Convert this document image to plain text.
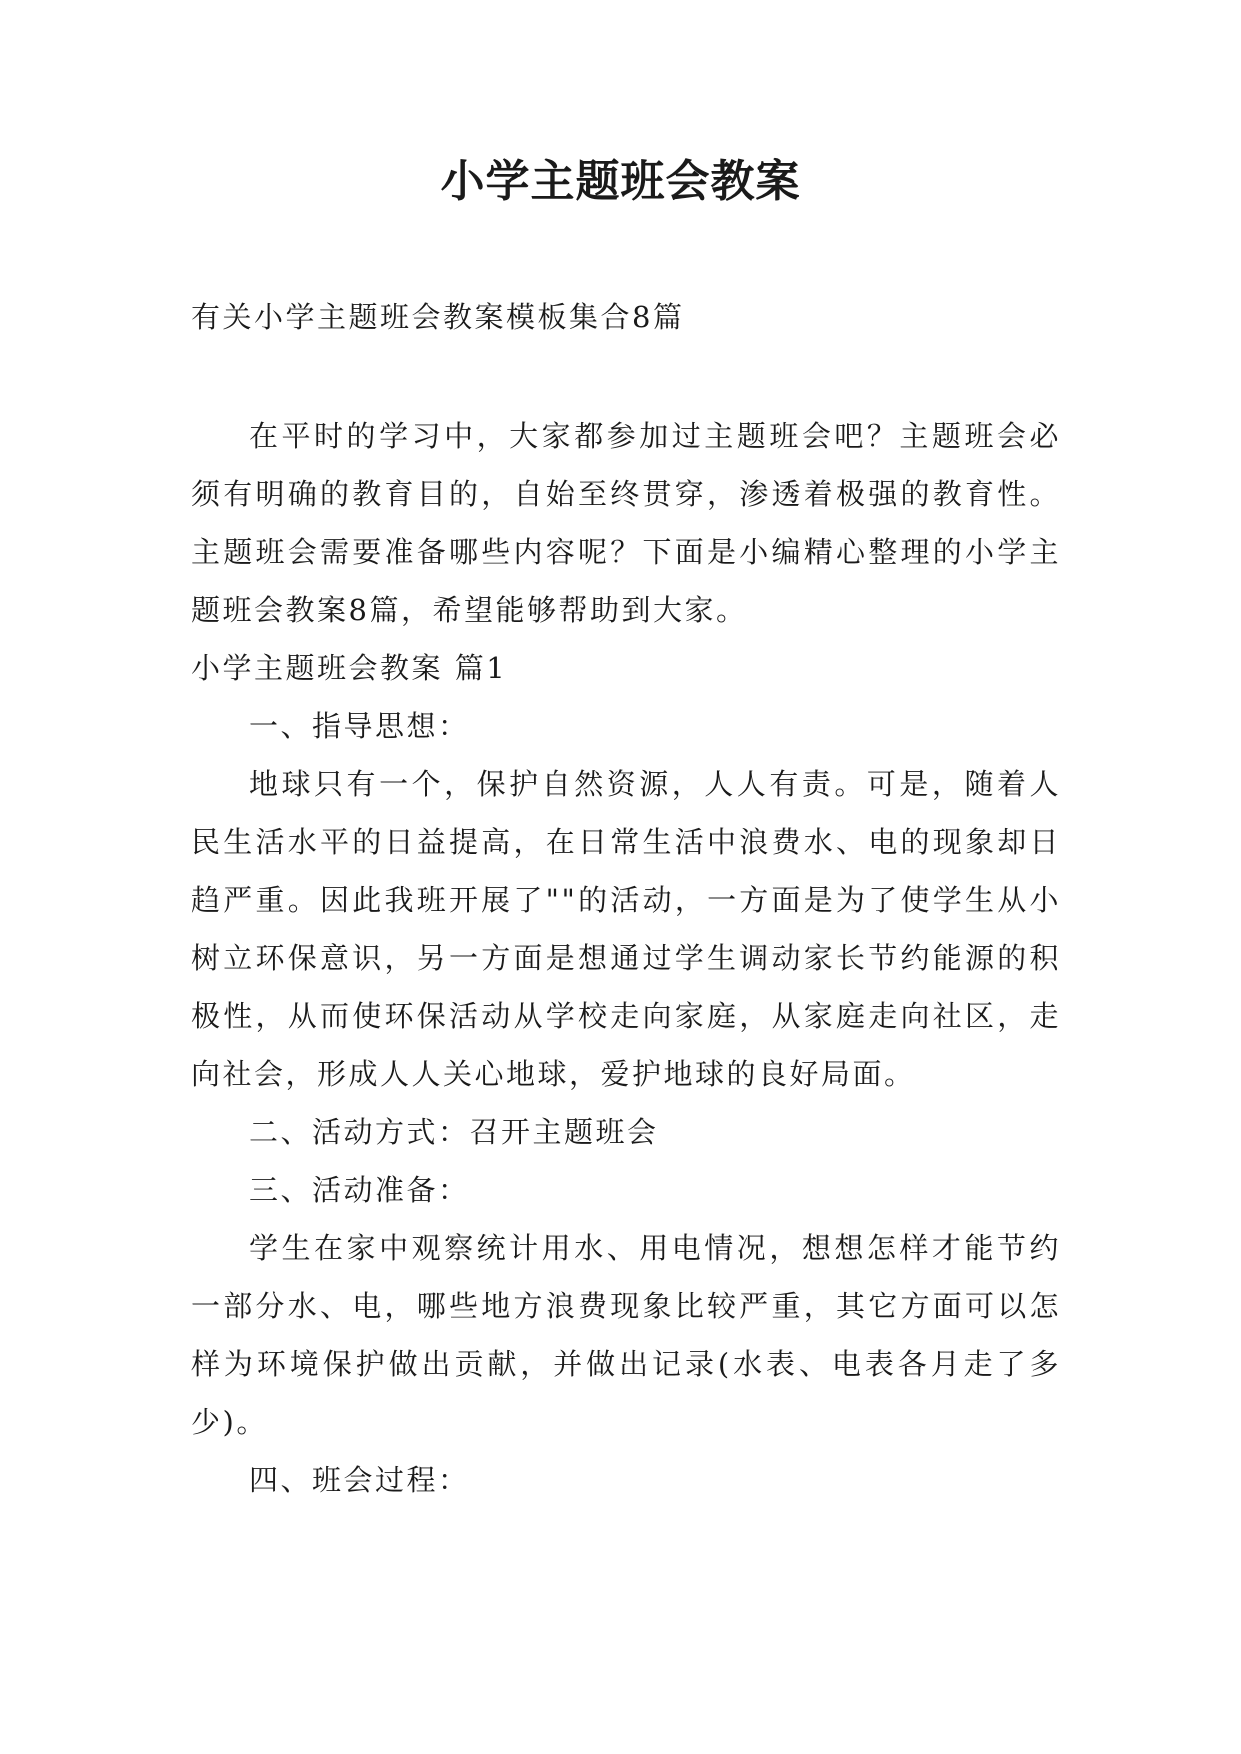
小学主题班会教案

有关小学主题班会教案模板集合8篇

在平时的学习中，大家都参加过主题班会吧？主题班会必须有明确的教育目的，自始至终贯穿，渗透着极强的教育性。主题班会需要准备哪些内容呢？下面是小编精心整理的小学主题班会教案8篇，希望能够帮助到大家。

小学主题班会教案 篇1

一、指导思想：

地球只有一个，保护自然资源，人人有责。可是，随着人民生活水平的日益提高，在日常生活中浪费水、电的现象却日趋严重。因此我班开展了""的活动，一方面是为了使学生从小树立环保意识，另一方面是想通过学生调动家长节约能源的积极性，从而使环保活动从学校走向家庭，从家庭走向社区，走向社会，形成人人关心地球，爱护地球的良好局面。

二、活动方式：召开主题班会

三、活动准备：

学生在家中观察统计用水、用电情况，想想怎样才能节约一部分水、电，哪些地方浪费现象比较严重，其它方面可以怎样为环境保护做出贡献，并做出记录(水表、电表各月走了多少)。

四、班会过程：
